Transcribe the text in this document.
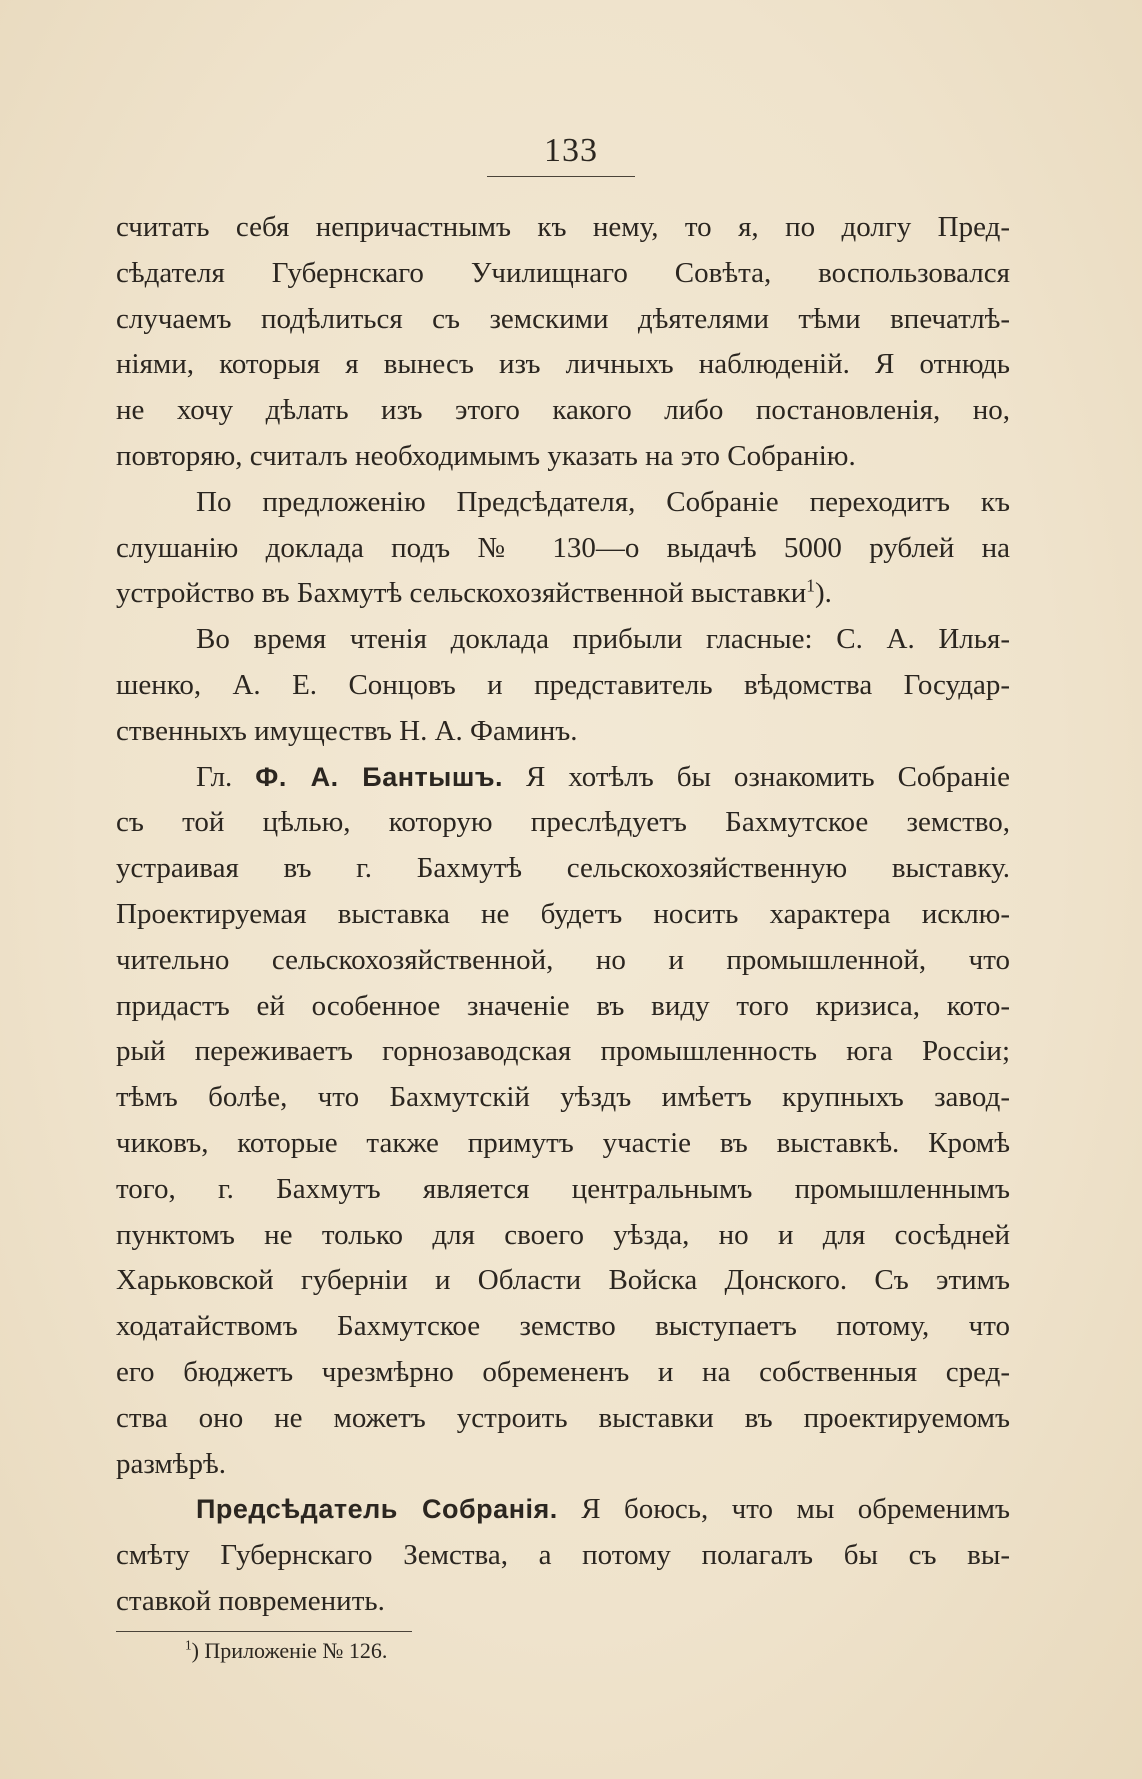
133
считать себя непричастнымъ къ нему, то я, по долгу Пред-
сѣдателя Губернскаго Училищнаго Совѣта, воспользовался
случаемъ подѣлиться съ земскими дѣятелями тѣми впечатлѣ-
ніями, которыя я вынесъ изъ личныхъ наблюденій. Я отнюдь
не хочу дѣлать изъ этого какого либо постановленія, но,
повторяю, считалъ необходимымъ указать на это Собранію.
По предложенію Предсѣдателя, Собраніе переходитъ къ
слушанію доклада подъ № 130—о выдачѣ 5000 рублей на
устройство въ Бахмутѣ сельскохозяйственной выставки$^1$).
Во время чтенія доклада прибыли гласные: С. А. Илья-
шенко, А. Е. Сонцовъ и представитель вѣдомства Государ-
ственныхъ имуществъ Н. А. Фаминъ.
Гл. Ф. А. Бантышъ. Я хотѣлъ бы ознакомить Собраніе
съ той цѣлью, которую преслѣдуетъ Бахмутское земство,
устраивая въ г. Бахмутѣ сельскохозяйственную выставку.
Проектируемая выставка не будетъ носить характера исклю-
чительно сельскохозяйственной, но и промышленной, что
придастъ ей особенное значеніе въ виду того кризиса, кото-
рый переживаетъ горнозаводская промышленность юга Россіи;
тѣмъ болѣе, что Бахмутскій уѣздъ имѣетъ крупныхъ завод-
чиковъ, которые также примутъ участіе въ выставкѣ. Кромѣ
того, г. Бахмутъ является центральнымъ промышленнымъ
пунктомъ не только для своего уѣзда, но и для сосѣдней
Харьковской губерніи и Области Войска Донского. Съ этимъ
ходатайствомъ Бахмутское земство выступаетъ потому, что
его бюджетъ чрезмѣрно обремененъ и на собственныя сред-
ства оно не можетъ устроить выставки въ проектируемомъ
размѣрѣ.
Предсѣдатель Собранія. Я боюсь, что мы обременимъ
смѣту Губернскаго Земства, а потому полагалъ бы съ вы-
ставкой повременить.
$^1$) Приложеніе № 126.
